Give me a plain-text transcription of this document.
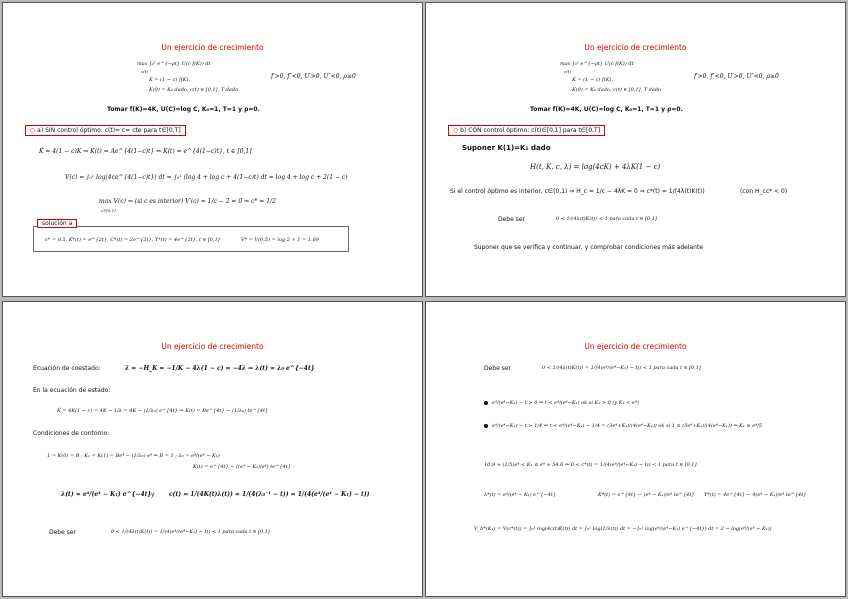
Un ejercicio de crecimiento
max ∫₀ᵀ e^{−ρt} U(c f(K)) dt
c(t)
K̇ = (1 − c) f(K),
K(0) = K₀ dado, c(t) ∈ [0,1], T dado
f′>0, f″<0, U′>0, U″<0, ρ≥0
Tomar f(K)=4K, U(C)=log C, K₀=1, T=1 y ρ=0.
○ a) SIN control óptimo: c(t)= c= cte para t∈[0,T]
K̇ = 4(1 − c)K ⇒ K(t) = Ae^{4(1−c)t} ⇒ K(t) = e^{4(1−c)t}, t ∈ [0,1]
V(c) = ∫₀¹ log(4ce^{4(1−c)t}) dt = ∫₀¹ (log 4 + log c + 4(1−c)t) dt = log 4 + log c + 2(1 − c)
max V(c) ⇒ (si c es interior) V′(c) = 1/c − 2 = 0 ⇒ c* = 1/2
c∈[0,1]
solución a
c* = 0.5, K*(t) = e^{2t}, C*(t) = 2e^{2t}, Y*(t) = 4e^{2t}, t ∈ [0,1]	V* = V(0.5) = log 2 + 1 = 1.69
Un ejercicio de crecimiento
max ∫₀ᵀ e^{−ρt} U(c f(K)) dt
c(t)
K̇ = (1 − c) f(K),
K(0) = K₀ dado, c(t) ∈ [0,1], T dado
f′>0, f″<0, U′>0, U″<0, ρ≥0
Tomar f(K)=4K, U(C)=log C, K₀=1, T=1 y ρ=0.
○ b) CON control óptimo: c(t)∈[0,1] para t∈[0,T]
Suponer K(1)=K₁ dado
H(t, K, c, λ) = log(4cK) + 4λK(1 − c)
Si el control óptimo es interior, c∈(0,1) ⇒ H_c = 1/c − 4λK = 0 ⇒ c*(t) = 1/(4λ(t)K(t))	(con H_cc* < 0)
Debe ser	0 < 1/(4λ(t)K(t)) < 1 para cada t ∈ [0,1]
Suponer que se verifica y continuar, y comprobar condiciones más adelante
Un ejercicio de crecimiento
Ecuación de coestado:	λ̇ = −H_K = −1/K − 4λ(1 − c) = −4λ ⇒ λ(t) = λ₀ e^{−4t}
En la ecuación de estado:
K̇ = 4K(1 − c) = 4K − 1/λ = 4K − (1/λ₀) e^{4t} ⇒ K(t) = Be^{4t} − (1/λ₀) te^{4t}
Condiciones de contorno:
1 = K(0) = B ; K₁ = K(1) = Be⁴ − (1/λ₀) e⁴ ⇒ B = 1 ; λ₀ = e⁴/(e⁴ − K₁)
K(t) = e^{4t} − ((e⁴ − K₁)/e⁴) te^{4t}
λ(t) = e⁴/(e⁴ − K₁) e^{−4t} y c(t) = 1/(4K(t)λ(t)) = 1/(4(λ₀⁻¹ − t)) = 1/(4(e⁴/(e⁴ − K₁) − t))
Debe ser	0 < 1/(4λ(t)K(t)) = 1/(4(e⁴/(e⁴−K₁) − t)) < 1 para cada t ∈ [0,1]
Un ejercicio de crecimiento
Debe ser	0 < 1/(4λ(t)K(t)) = 1/(4(e⁴/(e⁴−K₁) − t)) < 1 para cada t ∈ [0,1]
e⁴/(e⁴−K₁) − t > 0 ⇒ t < e⁴/(e⁴−K₁) ok si K₁ > 0 (y K₁ < e⁴)
e⁴/(e⁴−K₁) − t > 1/4 ⇒ t < e⁴/(e⁴−K₁) − 1/4 = (3e⁴+K₁)/(4(e⁴−K₁)) ok si 1 ≤ (3e⁴+K₁)/(4(e⁴−K₁)) ⇒ K₁ ≥ e⁴/5
10.9 ≈ (1/5)e⁴ < K₁ ≤ e⁴ ≈ 54.6 ⇒ 0 < c*(t) = 1/(4(e⁴/(e⁴−K₁) − t)) < 1 para t ∈ [0,1]
λ*(t) = e⁴/(e⁴ − K₁) e^{−4t}	K*(t) = e^{4t} − (e⁴ − K₁)/e⁴ te^{4t} Y*(t) = 4e^{4t} − 4(e⁴ − K₁)/e⁴ te^{4t}
V_b*(K₁) = V(c*(t)) = ∫₀¹ log(4c(t)K(t)) dt = ∫₀¹ log(1/λ(t)) dt = −∫₀¹ log(e⁴/(e⁴−K₁) e^{−4t}) dt = 2 − log(e⁴/(e⁴ − K₁))
